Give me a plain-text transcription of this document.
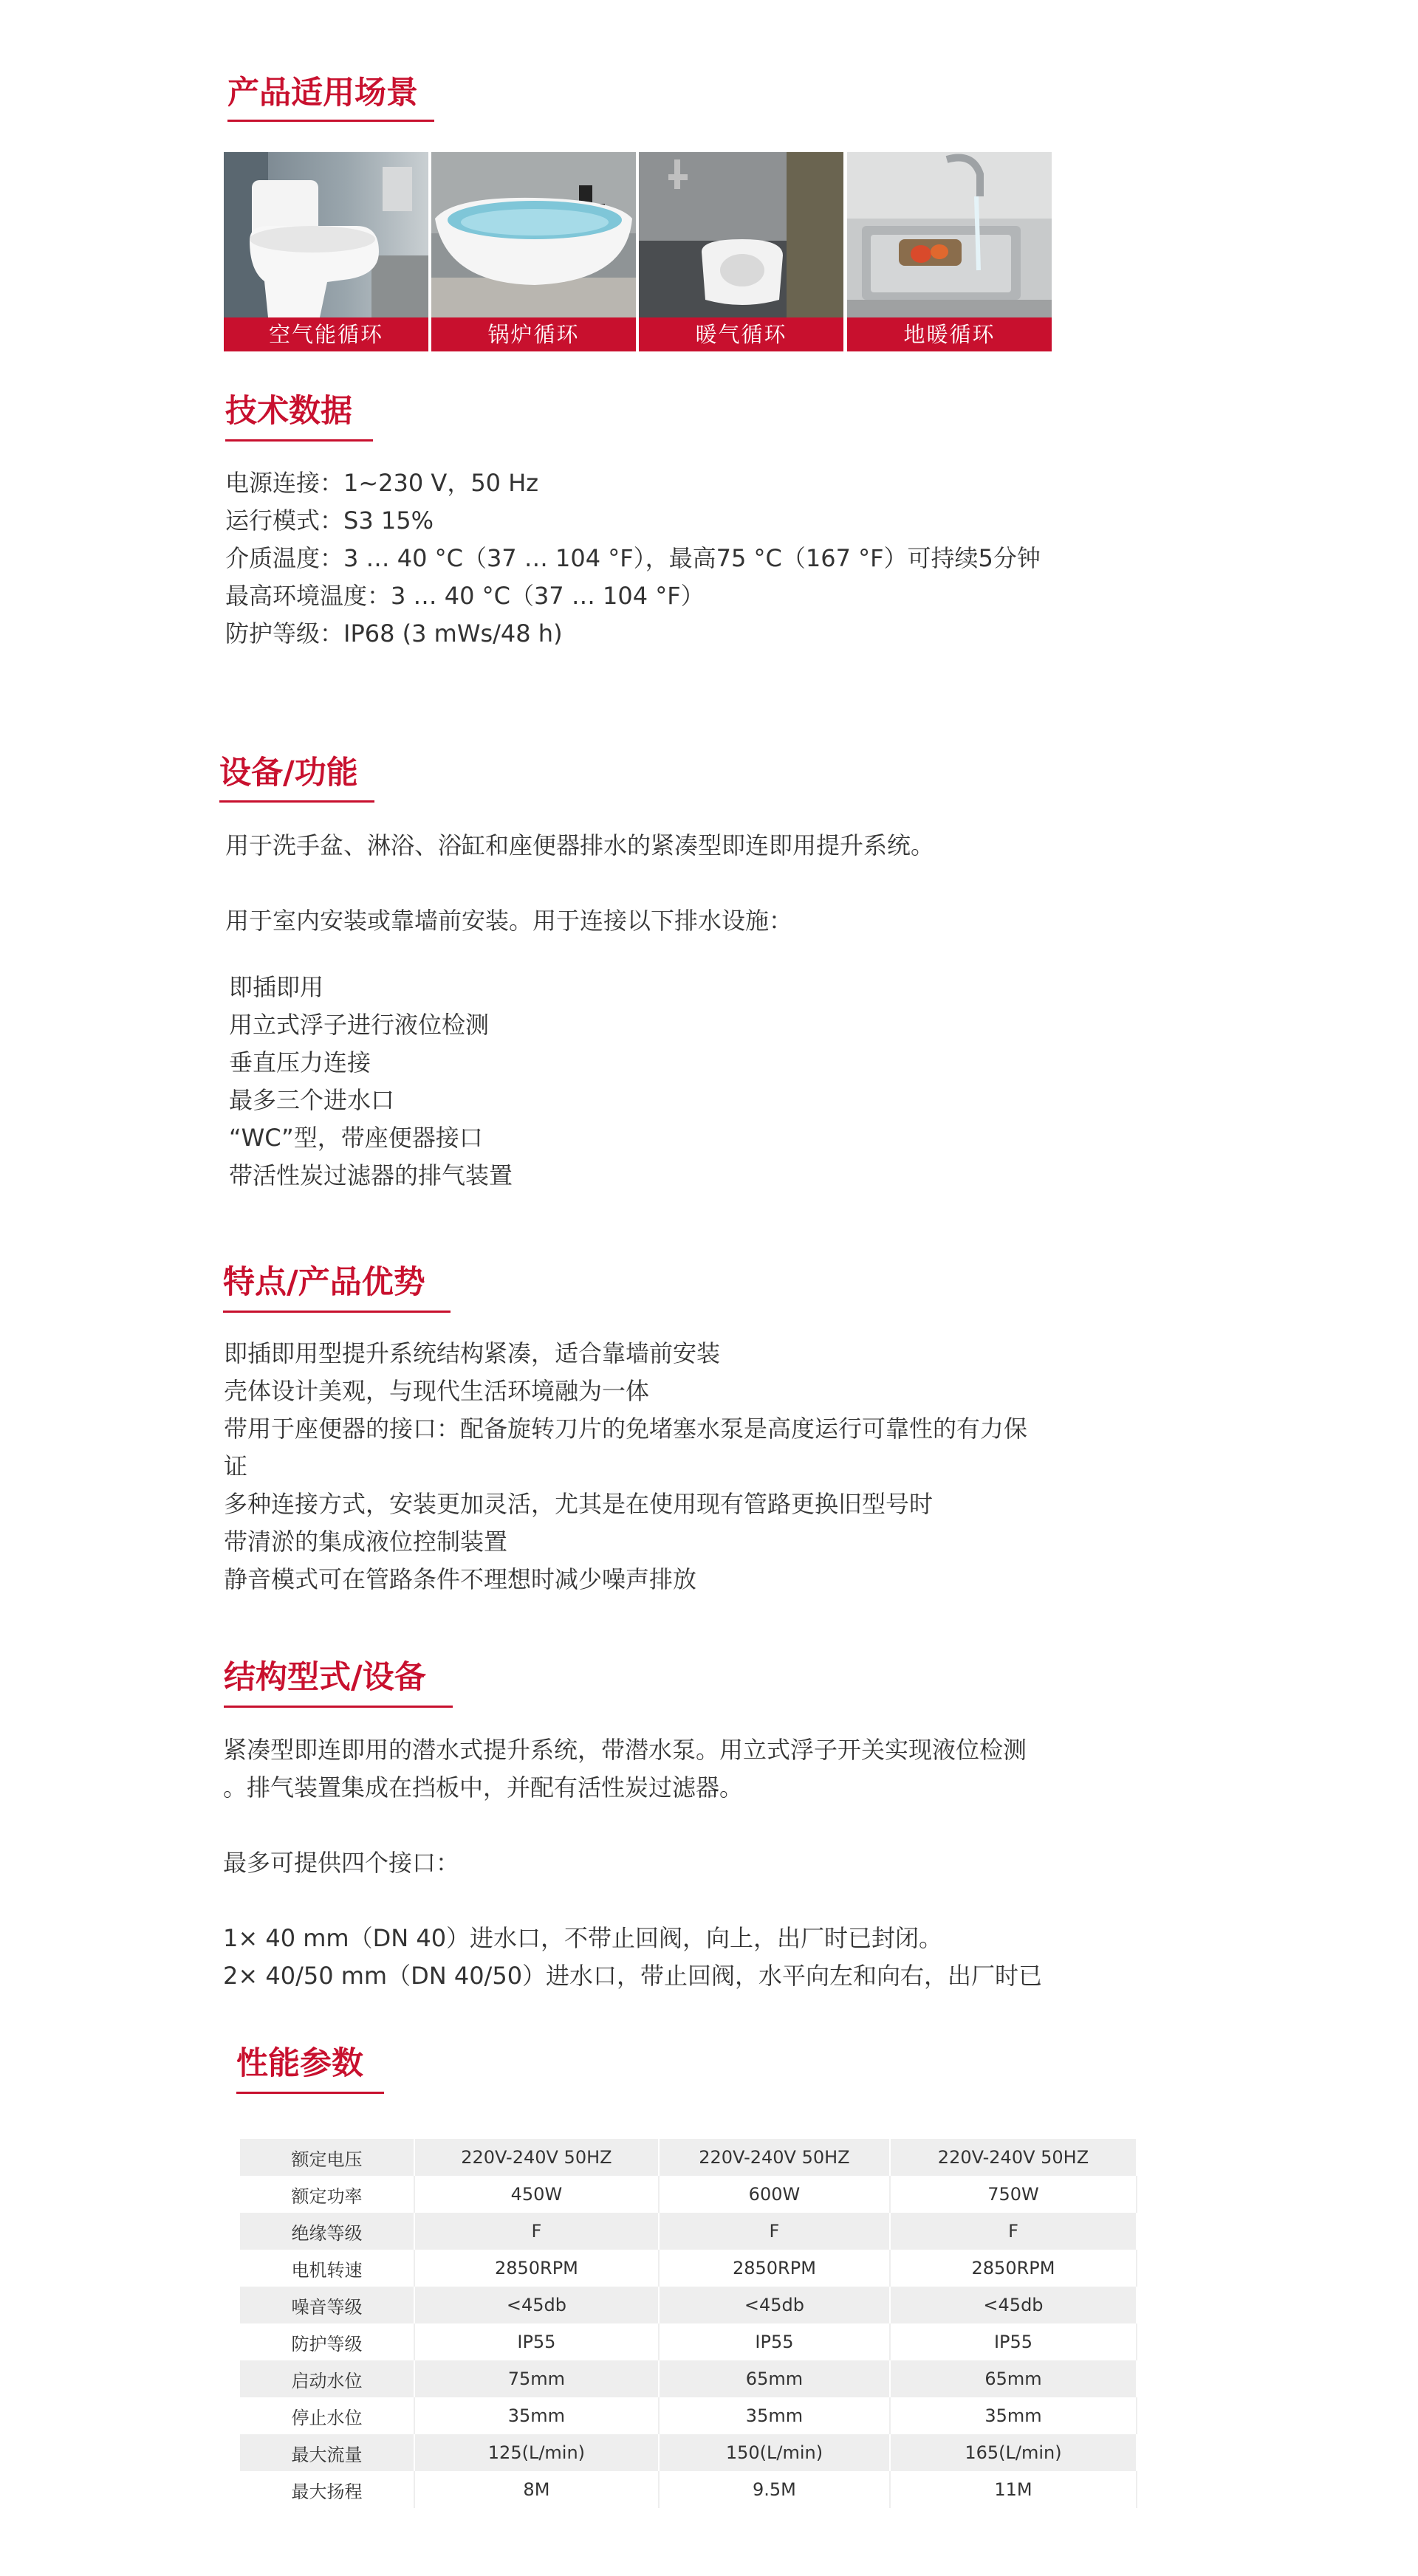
产品适用场景
空气能循环	锅炉循环	暖气循环	地暖循环
技术数据
电源连接：1~230 V，50 Hz
运行模式：S3 15%
介质温度：3 … 40 °C（37 … 104 °F），最高75 °C（167 °F）可持续5分钟
最高环境温度：3 … 40 °C（37 … 104 °F）
防护等级：IP68 (3 mWs/48 h)
设备/功能
用于洗手盆、淋浴、浴缸和座便器排水的紧凑型即连即用提升系统。
用于室内安装或靠墙前安装。用于连接以下排水设施：
即插即用
用立式浮子进行液位检测
垂直压力连接
最多三个进水口
“WC”型，带座便器接口
带活性炭过滤器的排气装置
特点/产品优势
即插即用型提升系统结构紧凑，适合靠墙前安装
壳体设计美观，与现代生活环境融为一体
带用于座便器的接口：配备旋转刀片的免堵塞水泵是高度运行可靠性的有力保
证
多种连接方式，安装更加灵活，尤其是在使用现有管路更换旧型号时
带清淤的集成液位控制装置
静音模式可在管路条件不理想时减少噪声排放
结构型式/设备
紧凑型即连即用的潜水式提升系统，带潜水泵。用立式浮子开关实现液位检测
。排气装置集成在挡板中，并配有活性炭过滤器。
最多可提供四个接口：
1× 40 mm（DN 40）进水口，不带止回阀，向上，出厂时已封闭。
2× 40/50 mm（DN 40/50）进水口，带止回阀，水平向左和向右，出厂时已
性能参数
额定电压	220V-240V 50HZ	220V-240V 50HZ	220V-240V 50HZ
额定功率	450W	600W	750W
绝缘等级	F	F	F
电机转速	2850RPM	2850RPM	2850RPM
噪音等级	<45db	<45db	<45db
防护等级	IP55	IP55	IP55
启动水位	75mm	65mm	65mm
停止水位	35mm	35mm	35mm
最大流量	125(L/min)	150(L/min)	165(L/min)
最大扬程	8M	9.5M	11M
